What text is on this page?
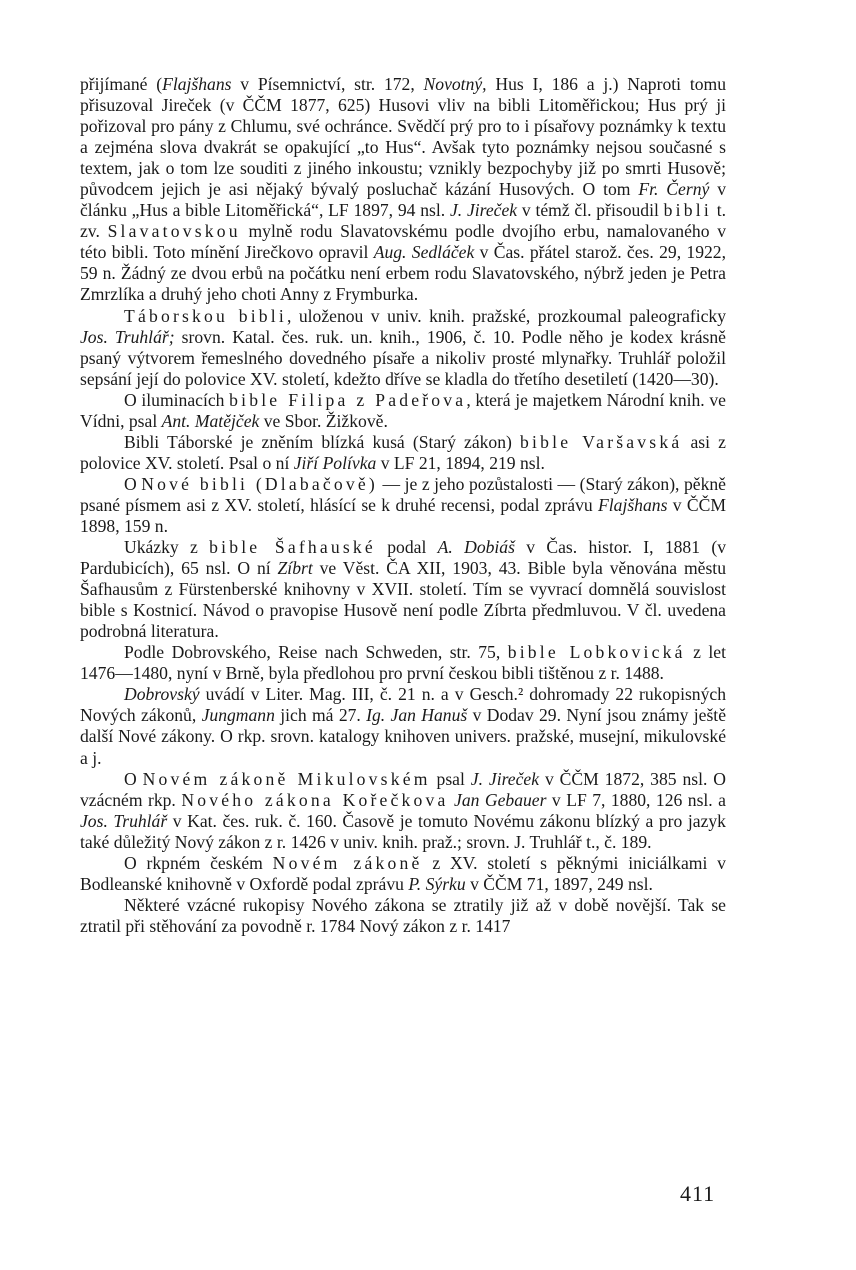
přijímané (Flajšhans v Písemnictví, str. 172, Novotný, Hus I, 186 a j.) Naproti tomu přisuzoval Jireček (v ČČM 1877, 625) Husovi vliv na bibli Litoměřickou; Hus prý ji pořizoval pro pány z Chlumu, své ochránce. Svědčí prý pro to i písařovy poznámky k textu a zejména slova dvakrát se opakující „to Hus“. Avšak tyto poznámky nejsou současné s textem, jak o tom lze souditi z jiného inkoustu; vznikly bezpochyby již po smrti Husově; původcem jejich je asi nějaký bývalý posluchač kázání Husových. O tom Fr. Černý v článku „Hus a bible Litoměřická“, LF 1897, 94 nsl. J. Jireček v témž čl. přisoudil bibli t. zv. Slavatovskou mylně rodu Slavatovskému podle dvojího erbu, namalovaného v této bibli. Toto mínění Jirečkovo opravil Aug. Sedláček v Čas. přátel starož. čes. 29, 1922, 59 n. Žádný ze dvou erbů na počátku není erbem rodu Slavatovského, nýbrž jeden je Petra Zmrzlíka a druhý jeho choti Anny z Frymburka.

Táborskou bibli, uloženou v univ. knih. pražské, prozkoumal paleograficky Jos. Truhlář; srovn. Katal. čes. ruk. un. knih., 1906, č. 10. Podle něho je kodex krásně psaný výtvorem řemeslného dovedného písaře a nikoliv prosté mlynařky. Truhlář položil sepsání její do polovice XV. století, kdežto dříve se kladla do třetího desetiletí (1420—30).

O iluminacích bible Filipa z Padeřova, která je majetkem Národní knih. ve Vídni, psal Ant. Matějček ve Sbor. Žižkově.

Bibli Táborské je zněním blízká kusá (Starý zákon) bible Varšavská asi z polovice XV. století. Psal o ní Jiří Polívka v LF 21, 1894, 219 nsl.

O Nové bibli (Dlabačově) — je z jeho pozůstalosti — (Starý zákon), pěkně psané písmem asi z XV. století, hlásící se k druhé recensi, podal zprávu Flajšhans v ČČM 1898, 159 n.

Ukázky z bible Šafhauské podal A. Dobiáš v Čas. histor. I, 1881 (v Pardubicích), 65 nsl. O ní Zíbrt ve Věst. ČA XII, 1903, 43. Bible byla věnována městu Šafhausům z Fürstenberské knihovny v XVII. století. Tím se vyvrací domnělá souvislost bible s Kostnicí. Návod o pravopise Husově není podle Zíbrta předmluvou. V čl. uvedena podrobná literatura.

Podle Dobrovského, Reise nach Schweden, str. 75, bible Lobkovická z let 1476—1480, nyní v Brně, byla předlohou pro první českou bibli tištěnou z r. 1488.

Dobrovský uvádí v Liter. Mag. III, č. 21 n. a v Gesch.² dohromady 22 rukopisných Nových zákonů, Jungmann jich má 27. Ig. Jan Hanuš v Dodav 29. Nyní jsou známy ještě další Nové zákony. O rkp. srovn. katalogy knihoven univers. pražské, musejní, mikulovské a j.

O Novém zákoně Mikulovském psal J. Jireček v ČČM 1872, 385 nsl. O vzácném rkp. Nového zákona Kořečkova Jan Gebauer v LF 7, 1880, 126 nsl. a Jos. Truhlář v Kat. čes. ruk. č. 160. Časově je tomuto Novému zákonu blízký a pro jazyk také důležitý Nový zákon z r. 1426 v univ. knih. praž.; srovn. J. Truhlář t., č. 189.

O rkpném českém Novém zákoně z XV. století s pěknými iniciálkami v Bodleanské knihovně v Oxfordě podal zprávu P. Sýrku v ČČM 71, 1897, 249 nsl.

Některé vzácné rukopisy Nového zákona se ztratily již až v době novější. Tak se ztratil při stěhování za povodně r. 1784 Nový zákon z r. 1417

411
